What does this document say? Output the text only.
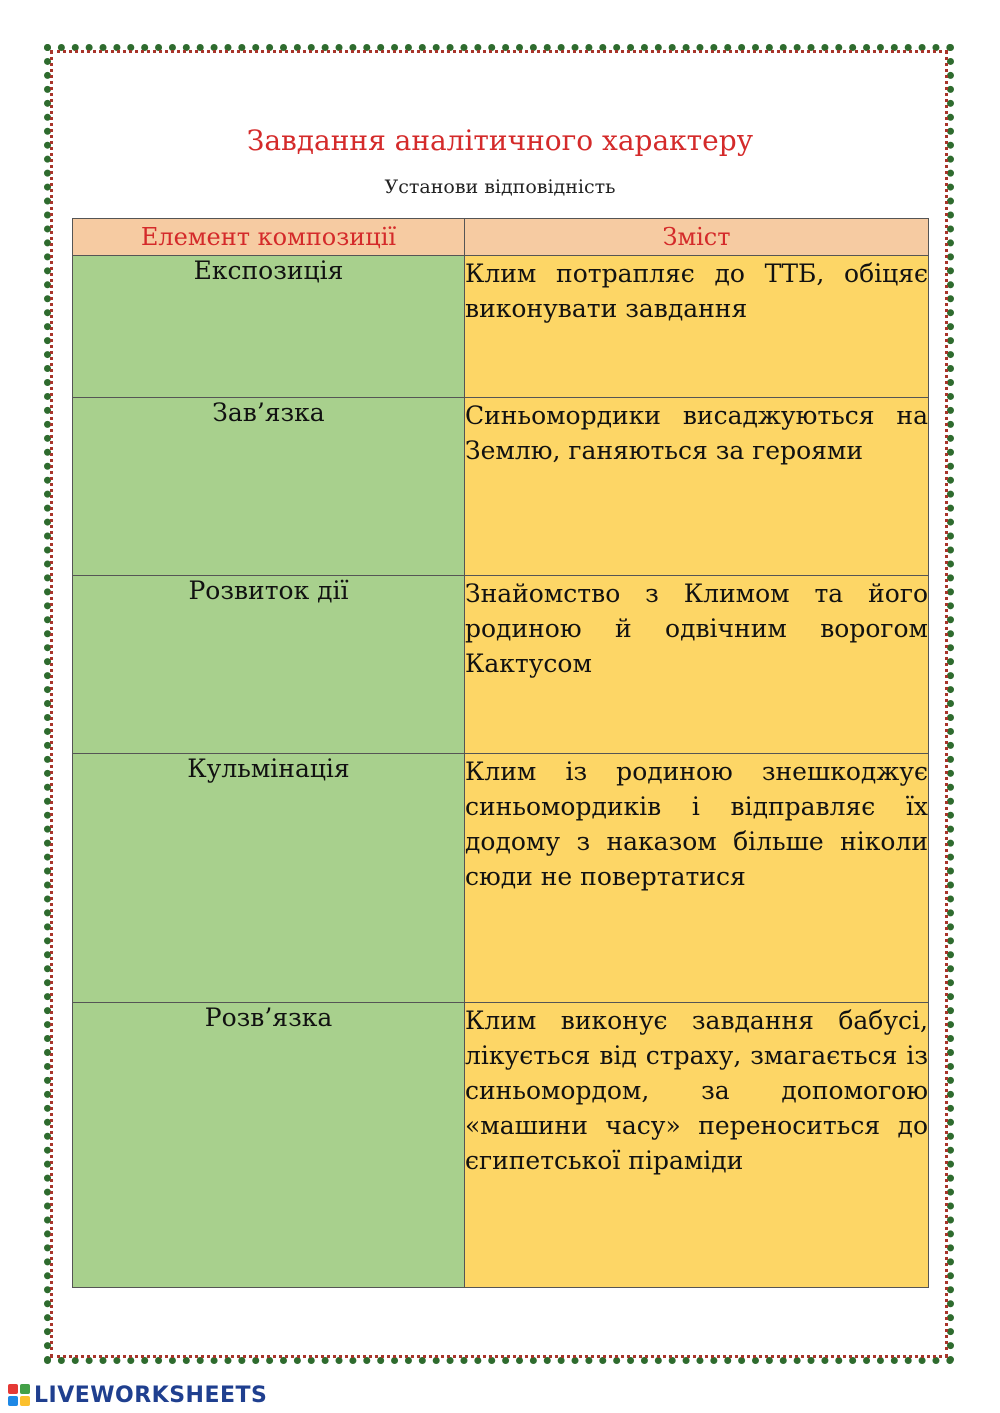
Завдання аналітичного характеру
Установи відповідність
Елемент композиції	Зміст
Експозиція	Клим потрапляє до ТТБ, обіцяє виконувати завдання
Зав’язка	Синьомордики висаджуються на Землю, ганяються за героями
Розвиток дії	Знайомство з Климом та його родиною й одвічним ворогом Кактусом
Кульмінація	Клим із родиною знешкоджує синьомордиків і відправляє їх додому з наказом більше ніколи сюди не повертатися
Розв’язка	Клим виконує завдання бабусі, лікується від страху, змагається із синьомордом, за допомогою «машини часу» переноситься до єгипетської піраміди
LIVEWORKSHEETS
